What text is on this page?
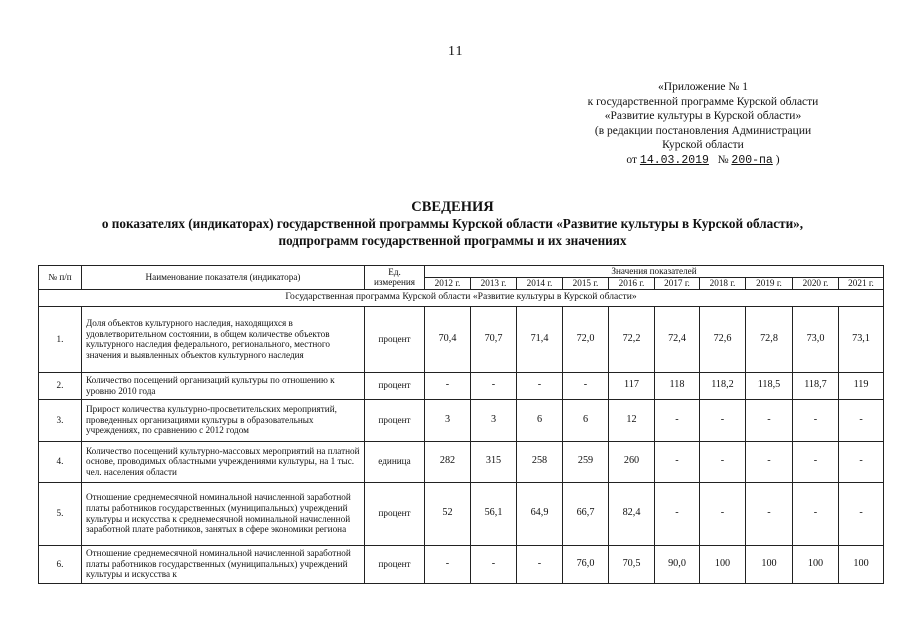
11
«Приложение № 1
к государственной программе Курской области
«Развитие культуры в Курской области»
(в редакции постановления Администрации
Курской области
от 14.03.2019 № 200-па )
СВЕДЕНИЯ
о показателях (индикаторах) государственной программы Курской области «Развитие культуры в Курской области»,
подпрограмм государственной программы и их значениях
№ п/п	Наименование показателя (индикатора)	Ед. измерения	Значения показателей									
			2012 г.	2013 г.	2014 г.	2015 г.	2016 г.	2017 г.	2018 г.	2019 г.	2020 г.	2021 г.
Государственная программа Курской области «Развитие культуры в Курской области»												
1.	Доля объектов культурного наследия, находящихся в удовлетворительном состоянии, в общем количестве объектов культурного наследия федерального, регионального, местного значения и выявленных объектов культурного наследия	процент	70,4	70,7	71,4	72,0	72,2	72,4	72,6	72,8	73,0	73,1
2.	Количество посещений организаций культуры по отношению к уровню 2010 года	процент	-	-	-	-	117	118	118,2	118,5	118,7	119
3.	Прирост количества культурно-просветительских мероприятий, проведенных организациями культуры в образовательных учреждениях, по сравнению с 2012 годом	процент	3	3	6	6	12	-	-	-	-	-
4.	Количество посещений культурно-массовых мероприятий на платной основе, проводимых областными учреждениями культуры, на 1 тыс. чел. населения области	единица	282	315	258	259	260	-	-	-	-	-
5.	Отношение среднемесячной номинальной начисленной заработной платы работников государственных (муниципальных) учреждений культуры и искусства к среднемесячной номинальной начисленной заработной плате работников, занятых в сфере экономики региона	процент	52	56,1	64,9	66,7	82,4	-	-	-	-	-
6.	Отношение среднемесячной номинальной начисленной заработной платы работников государственных (муниципальных) учреждений культуры и искусства к	процент	-	-	-	76,0	70,5	90,0	100	100	100	100
